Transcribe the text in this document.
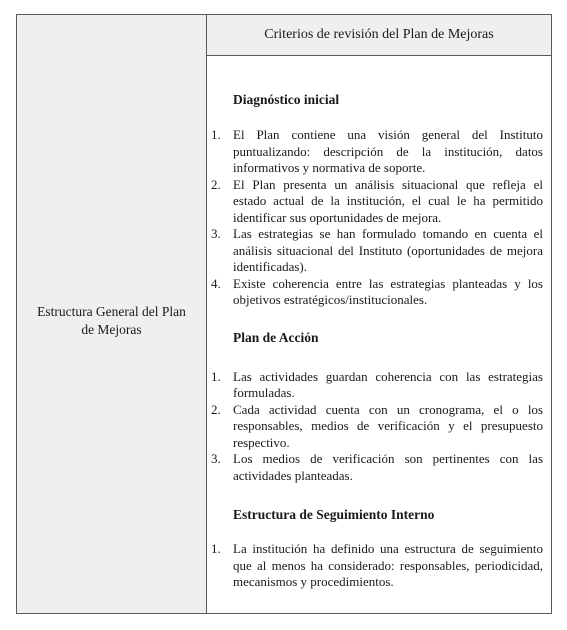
Estructura General del Plan de Mejoras
Criterios de revisión del Plan de Mejoras
Diagnóstico inicial
1. El Plan contiene una visión general del Instituto puntualizando: descripción de la institución, datos informativos y normativa de soporte.
2. El Plan presenta un análisis situacional que refleja el estado actual de la institución, el cual le ha permitido identificar sus oportunidades de mejora.
3. Las estrategias se han formulado tomando en cuenta el análisis situacional del Instituto (oportunidades de mejora identificadas).
4. Existe coherencia entre las estrategias planteadas y los objetivos estratégicos/institucionales.
Plan de Acción
1. Las actividades guardan coherencia con las estrategias formuladas.
2. Cada actividad cuenta con un cronograma, el o los responsables, medios de verificación y el presupuesto respectivo.
3. Los medios de verificación son pertinentes con las actividades planteadas.
Estructura de Seguimiento Interno
1. La institución ha definido una estructura de seguimiento que al menos ha considerado: responsables, periodicidad, mecanismos y procedimientos.
